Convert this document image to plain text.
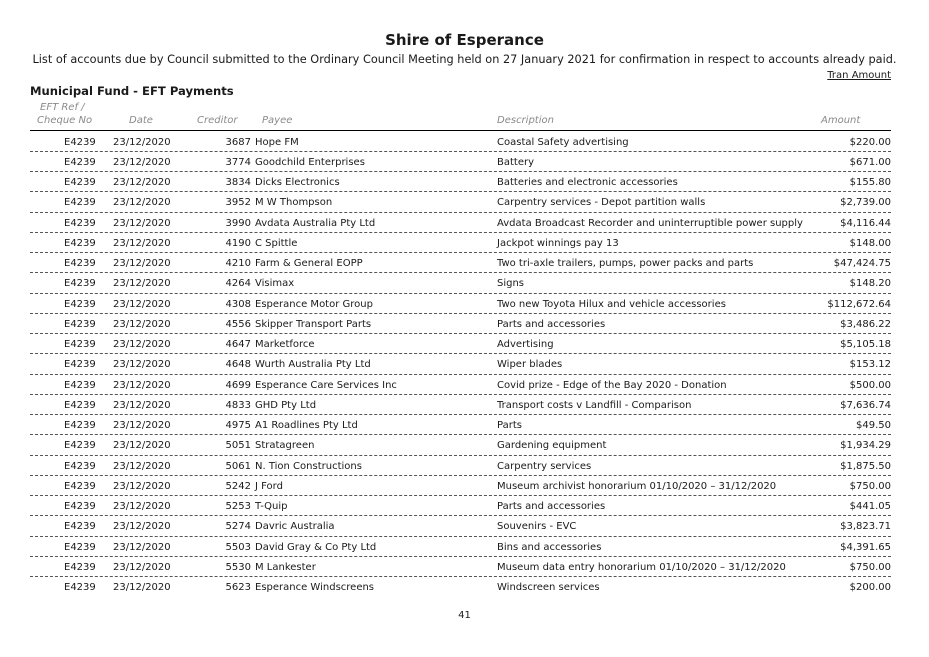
Shire of Esperance
List of accounts due by Council submitted to the Ordinary Council Meeting held on 27 January 2021 for confirmation in respect to accounts already paid.
Tran Amount
Municipal Fund - EFT Payments
EFT Ref /
Cheque No	Date	Creditor Payee	Description	Amount
E4239 23/12/2020	3687 Hope FM	Coastal Safety advertising	$220.00
E4239 23/12/2020	3774 Goodchild Enterprises	Battery	$671.00
E4239 23/12/2020	3834 Dicks Electronics	Batteries and electronic accessories	$155.80
E4239 23/12/2020	3952 M W Thompson	Carpentry services - Depot partition walls	$2,739.00
E4239 23/12/2020	3990 Avdata Australia Pty Ltd	Avdata Broadcast Recorder and uninterruptible power supply	$4,116.44
E4239 23/12/2020	4190 C Spittle	Jackpot winnings pay 13	$148.00
E4239 23/12/2020	4210 Farm & General EOPP	Two tri-axle trailers, pumps, power packs and parts	$47,424.75
E4239 23/12/2020	4264 Visimax	Signs	$148.20
E4239 23/12/2020	4308 Esperance Motor Group	Two new Toyota Hilux and vehicle accessories	$112,672.64
E4239 23/12/2020	4556 Skipper Transport Parts	Parts and accessories	$3,486.22
E4239 23/12/2020	4647 Marketforce	Advertising	$5,105.18
E4239 23/12/2020	4648 Wurth Australia Pty Ltd	Wiper blades	$153.12
E4239 23/12/2020	4699 Esperance Care Services Inc	Covid prize - Edge of the Bay 2020 - Donation	$500.00
E4239 23/12/2020	4833 GHD Pty Ltd	Transport costs v Landfill - Comparison	$7,636.74
E4239 23/12/2020	4975 A1 Roadlines Pty Ltd	Parts	$49.50
E4239 23/12/2020	5051 Stratagreen	Gardening equipment	$1,934.29
E4239 23/12/2020	5061 N. Tion Constructions	Carpentry services	$1,875.50
E4239 23/12/2020	5242 J Ford	Museum archivist honorarium 01/10/2020 – 31/12/2020	$750.00
E4239 23/12/2020	5253 T-Quip	Parts and accessories	$441.05
E4239 23/12/2020	5274 Davric Australia	Souvenirs - EVC	$3,823.71
E4239 23/12/2020	5503 David Gray & Co Pty Ltd	Bins and accessories	$4,391.65
E4239 23/12/2020	5530 M Lankester	Museum data entry honorarium 01/10/2020 – 31/12/2020	$750.00
E4239 23/12/2020	5623 Esperance Windscreens	Windscreen services	$200.00
41
